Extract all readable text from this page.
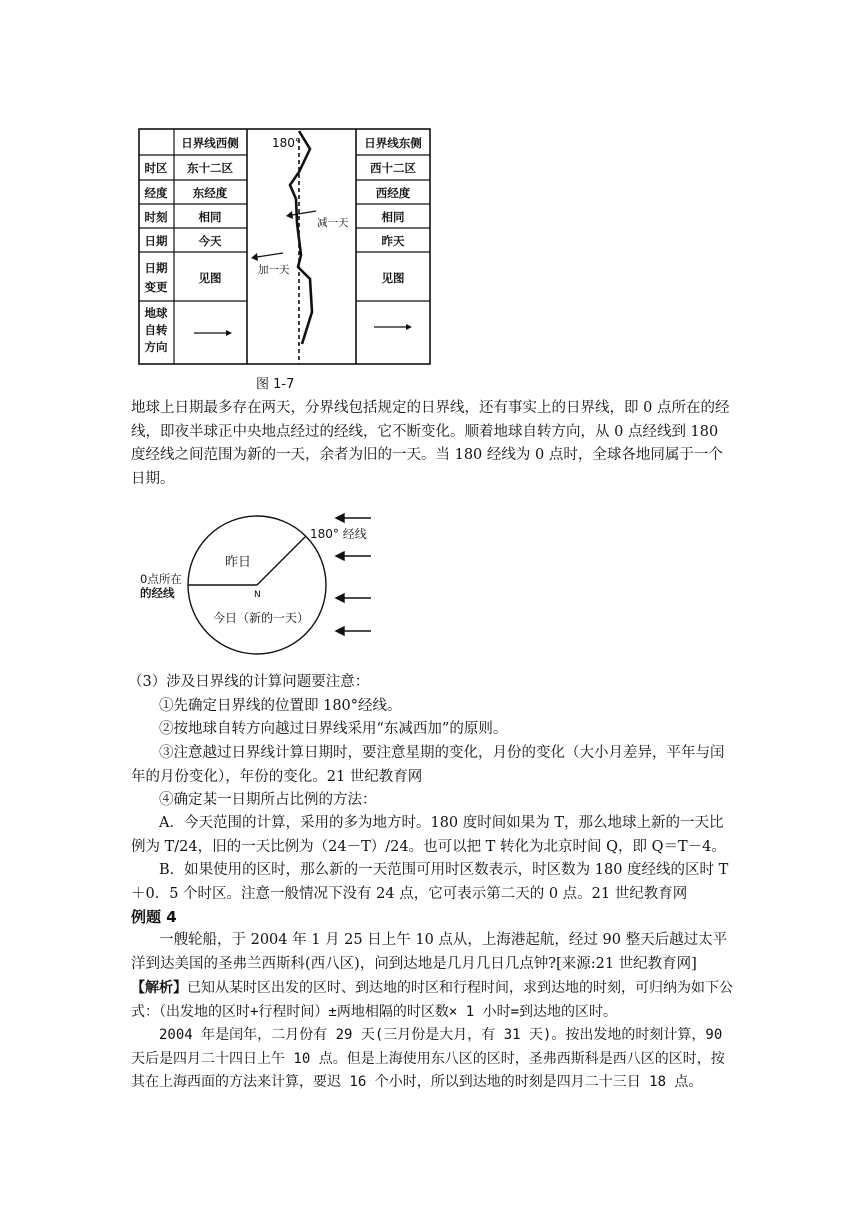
日界线西侧	日界线东侧
时区
经度
时刻
日期
日期
变更
地球
自转
方向
东十二区
东经度
相同
今天
见图
西十二区
西经度
相同
昨天
见图
180°
减一天
加一天
图 1-7
地球上日期最多存在两天，分界线包括规定的日界线，还有事实上的日界线，即 0 点所在的经线，即夜半球正中央地点经过的经线，它不断变化。顺着地球自转方向，从 0 点经线到 180 度经线之间范围为新的一天，余者为旧的一天。当 180 经线为 0 点时，全球各地同属于一个日期。
N
昨日
今日（新的一天）
180° 经线
0点所在
的经线
（3）涉及日界线的计算问题要注意：
①先确定日界线的位置即 180°经线。
②按地球自转方向越过日界线采用“东减西加”的原则。
③注意越过日界线计算日期时，要注意星期的变化，月份的变化（大小月差异，平年与闰年的月份变化），年份的变化。21 世纪教育网
④确定某一日期所占比例的方法：
A．今天范围的计算，采用的多为地方时。180 度时间如果为 T，那么地球上新的一天比例为 T/24，旧的一天比例为（24－T）/24。也可以把 T 转化为北京时间 Q，即 Q＝T－4。
B．如果使用的区时，那么新的一天范围可用时区数表示，时区数为 180 度经线的区时 T＋0．5 个时区。注意一般情况下没有 24 点，它可表示第二天的 0 点。21 世纪教育网
例题 4
一艘轮船，于 2004 年 1 月 25 日上午 10 点从，上海港起航，经过 90 整天后越过太平洋到达美国的圣弗兰西斯科(西八区)，问到达地是几月几日几点钟?[来源:21 世纪教育网]
【解析】已知从某时区出发的区时、到达地的时区和行程时间，求到达地的时刻，可归纳为如下公式：（出发地的区时+行程时间）±两地相隔的时区数× 1 小时=到达地的区时。
2004 年是闰年，二月份有 29 天(三月份是大月，有 31 天)。按出发地的时刻计算，90 天后是四月二十四日上午 10 点。但是上海使用东八区的区时，圣弗西斯科是西八区的区时，按其在上海西面的方法来计算，要迟 16 个小时，所以到达地的时刻是四月二十三日 18 点。
